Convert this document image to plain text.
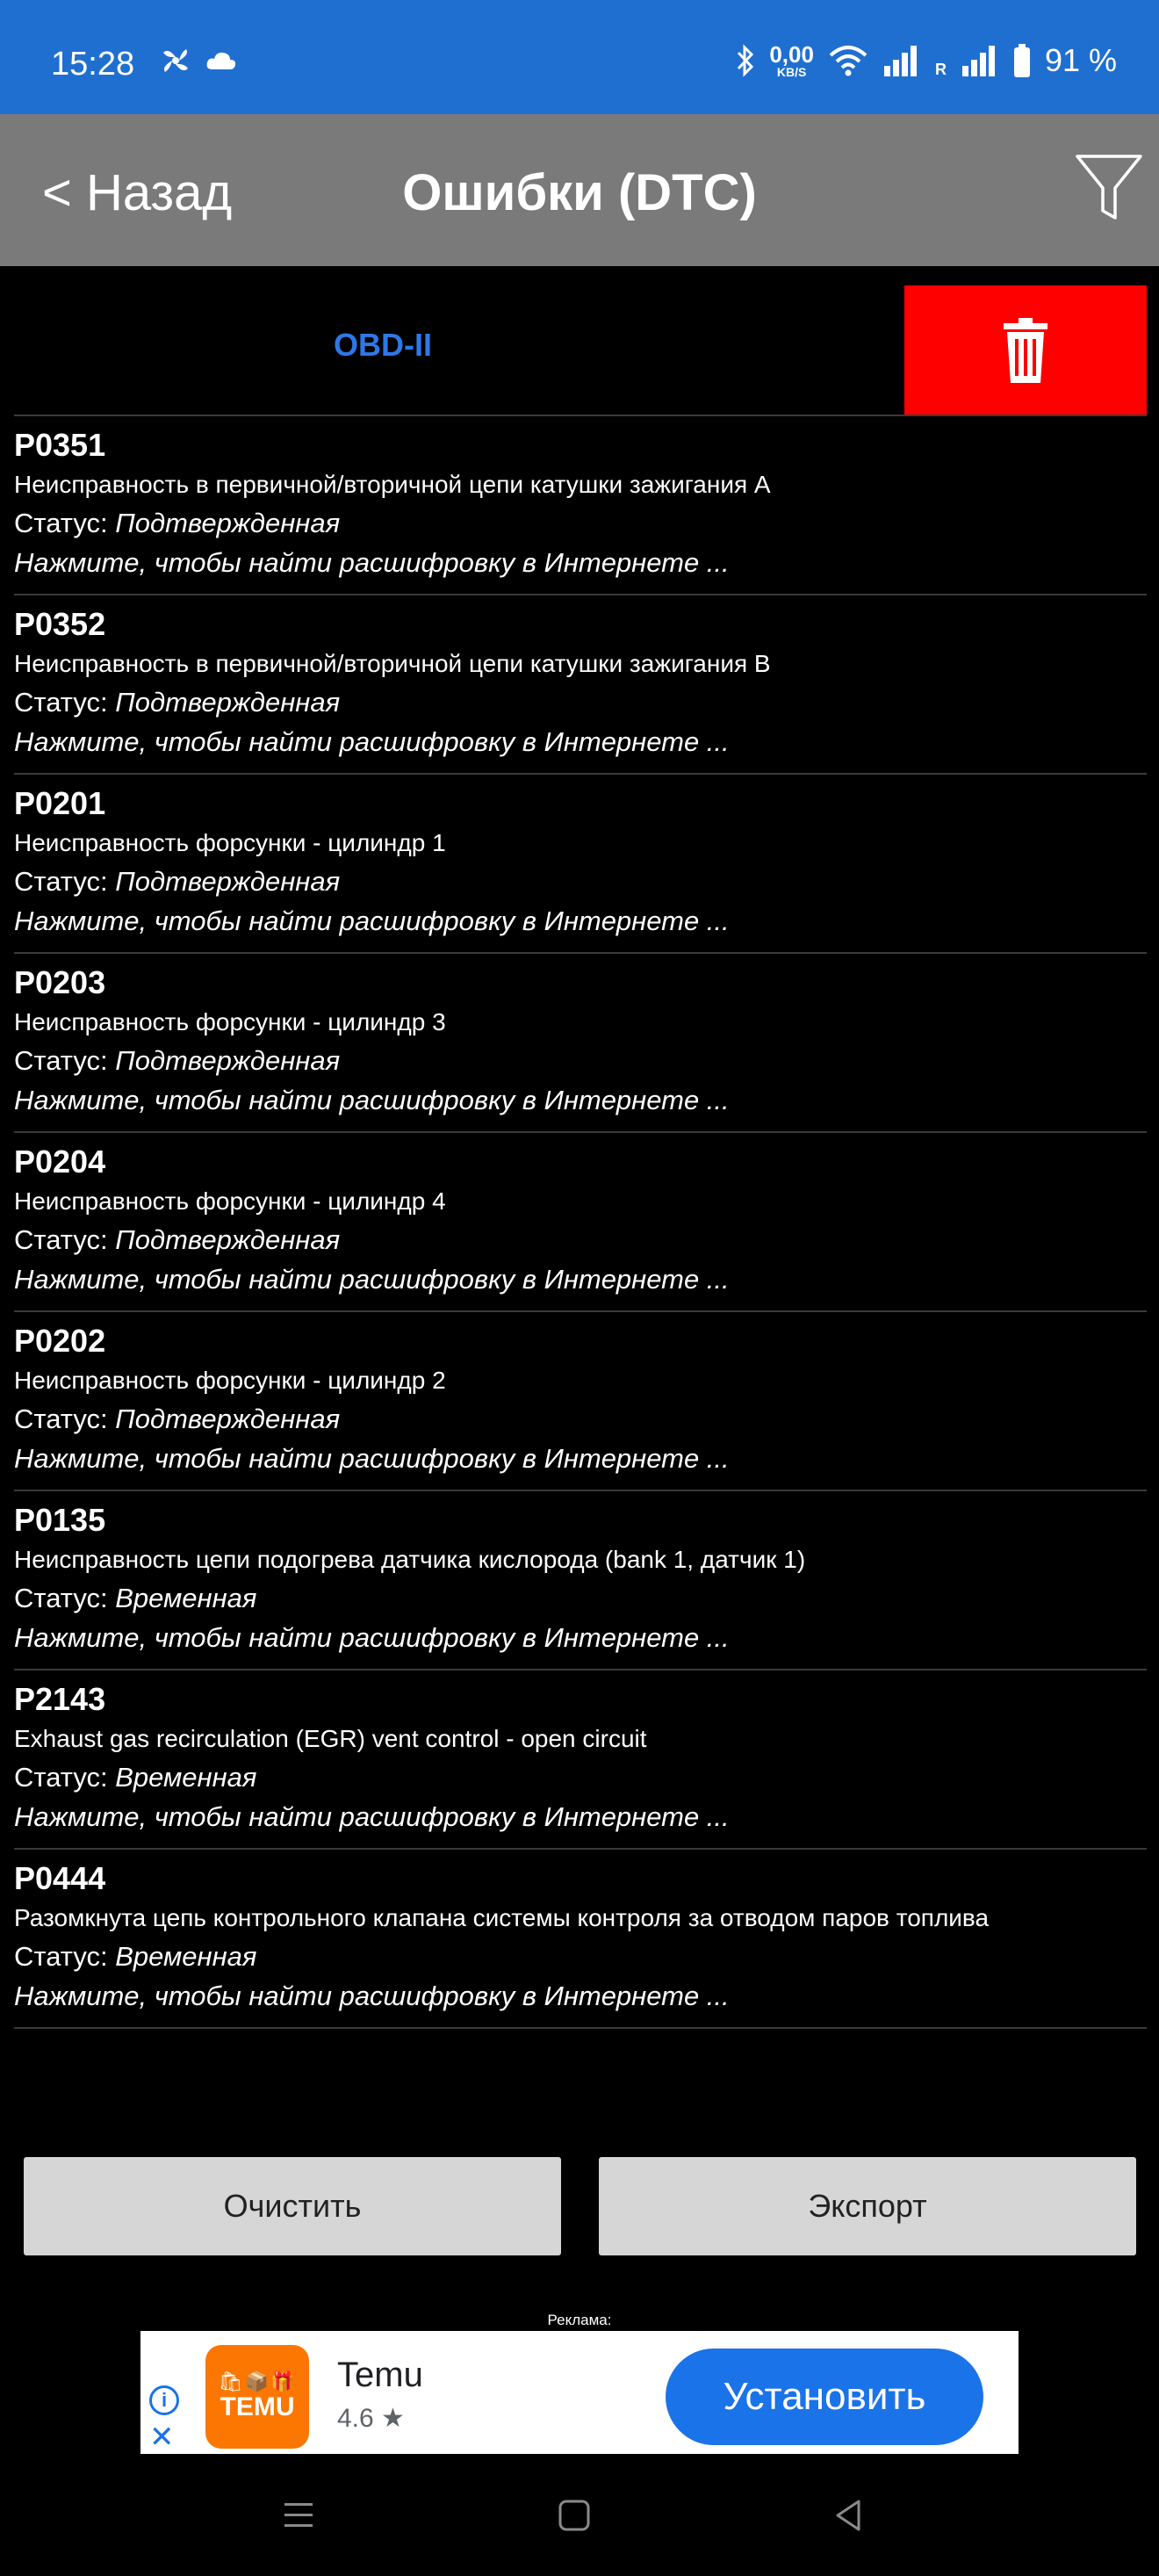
15:28	0,00
KB/S	R	91 %
< Назад	Ошибки (DTC)
OBD-II
P0351
Неисправность в первичной/вторичной цепи катушки зажигания A
Статус: Подтвержденная
Нажмите, чтобы найти расшифровку в Интернете ...
P0352
Неисправность в первичной/вторичной цепи катушки зажигания B
Статус: Подтвержденная
Нажмите, чтобы найти расшифровку в Интернете ...
P0201
Неисправность форсунки - цилиндр 1
Статус: Подтвержденная
Нажмите, чтобы найти расшифровку в Интернете ...
P0203
Неисправность форсунки - цилиндр 3
Статус: Подтвержденная
Нажмите, чтобы найти расшифровку в Интернете ...
P0204
Неисправность форсунки - цилиндр 4
Статус: Подтвержденная
Нажмите, чтобы найти расшифровку в Интернете ...
P0202
Неисправность форсунки - цилиндр 2
Статус: Подтвержденная
Нажмите, чтобы найти расшифровку в Интернете ...
P0135
Неисправность цепи подогрева датчика кислорода (bank 1, датчик 1)
Статус: Временная
Нажмите, чтобы найти расшифровку в Интернете ...
P2143
Exhaust gas recirculation (EGR) vent control - open circuit
Статус: Временная
Нажмите, чтобы найти расшифровку в Интернете ...
P0444
Разомкнута цепь контрольного клапана системы контроля за отводом паров топлива
Статус: Временная
Нажмите, чтобы найти расшифровку в Интернете ...
Очистить	Экспорт
Реклама:
i
✕
🛍📦🎁
TEMU
Temu
4.6 ★
Установить
